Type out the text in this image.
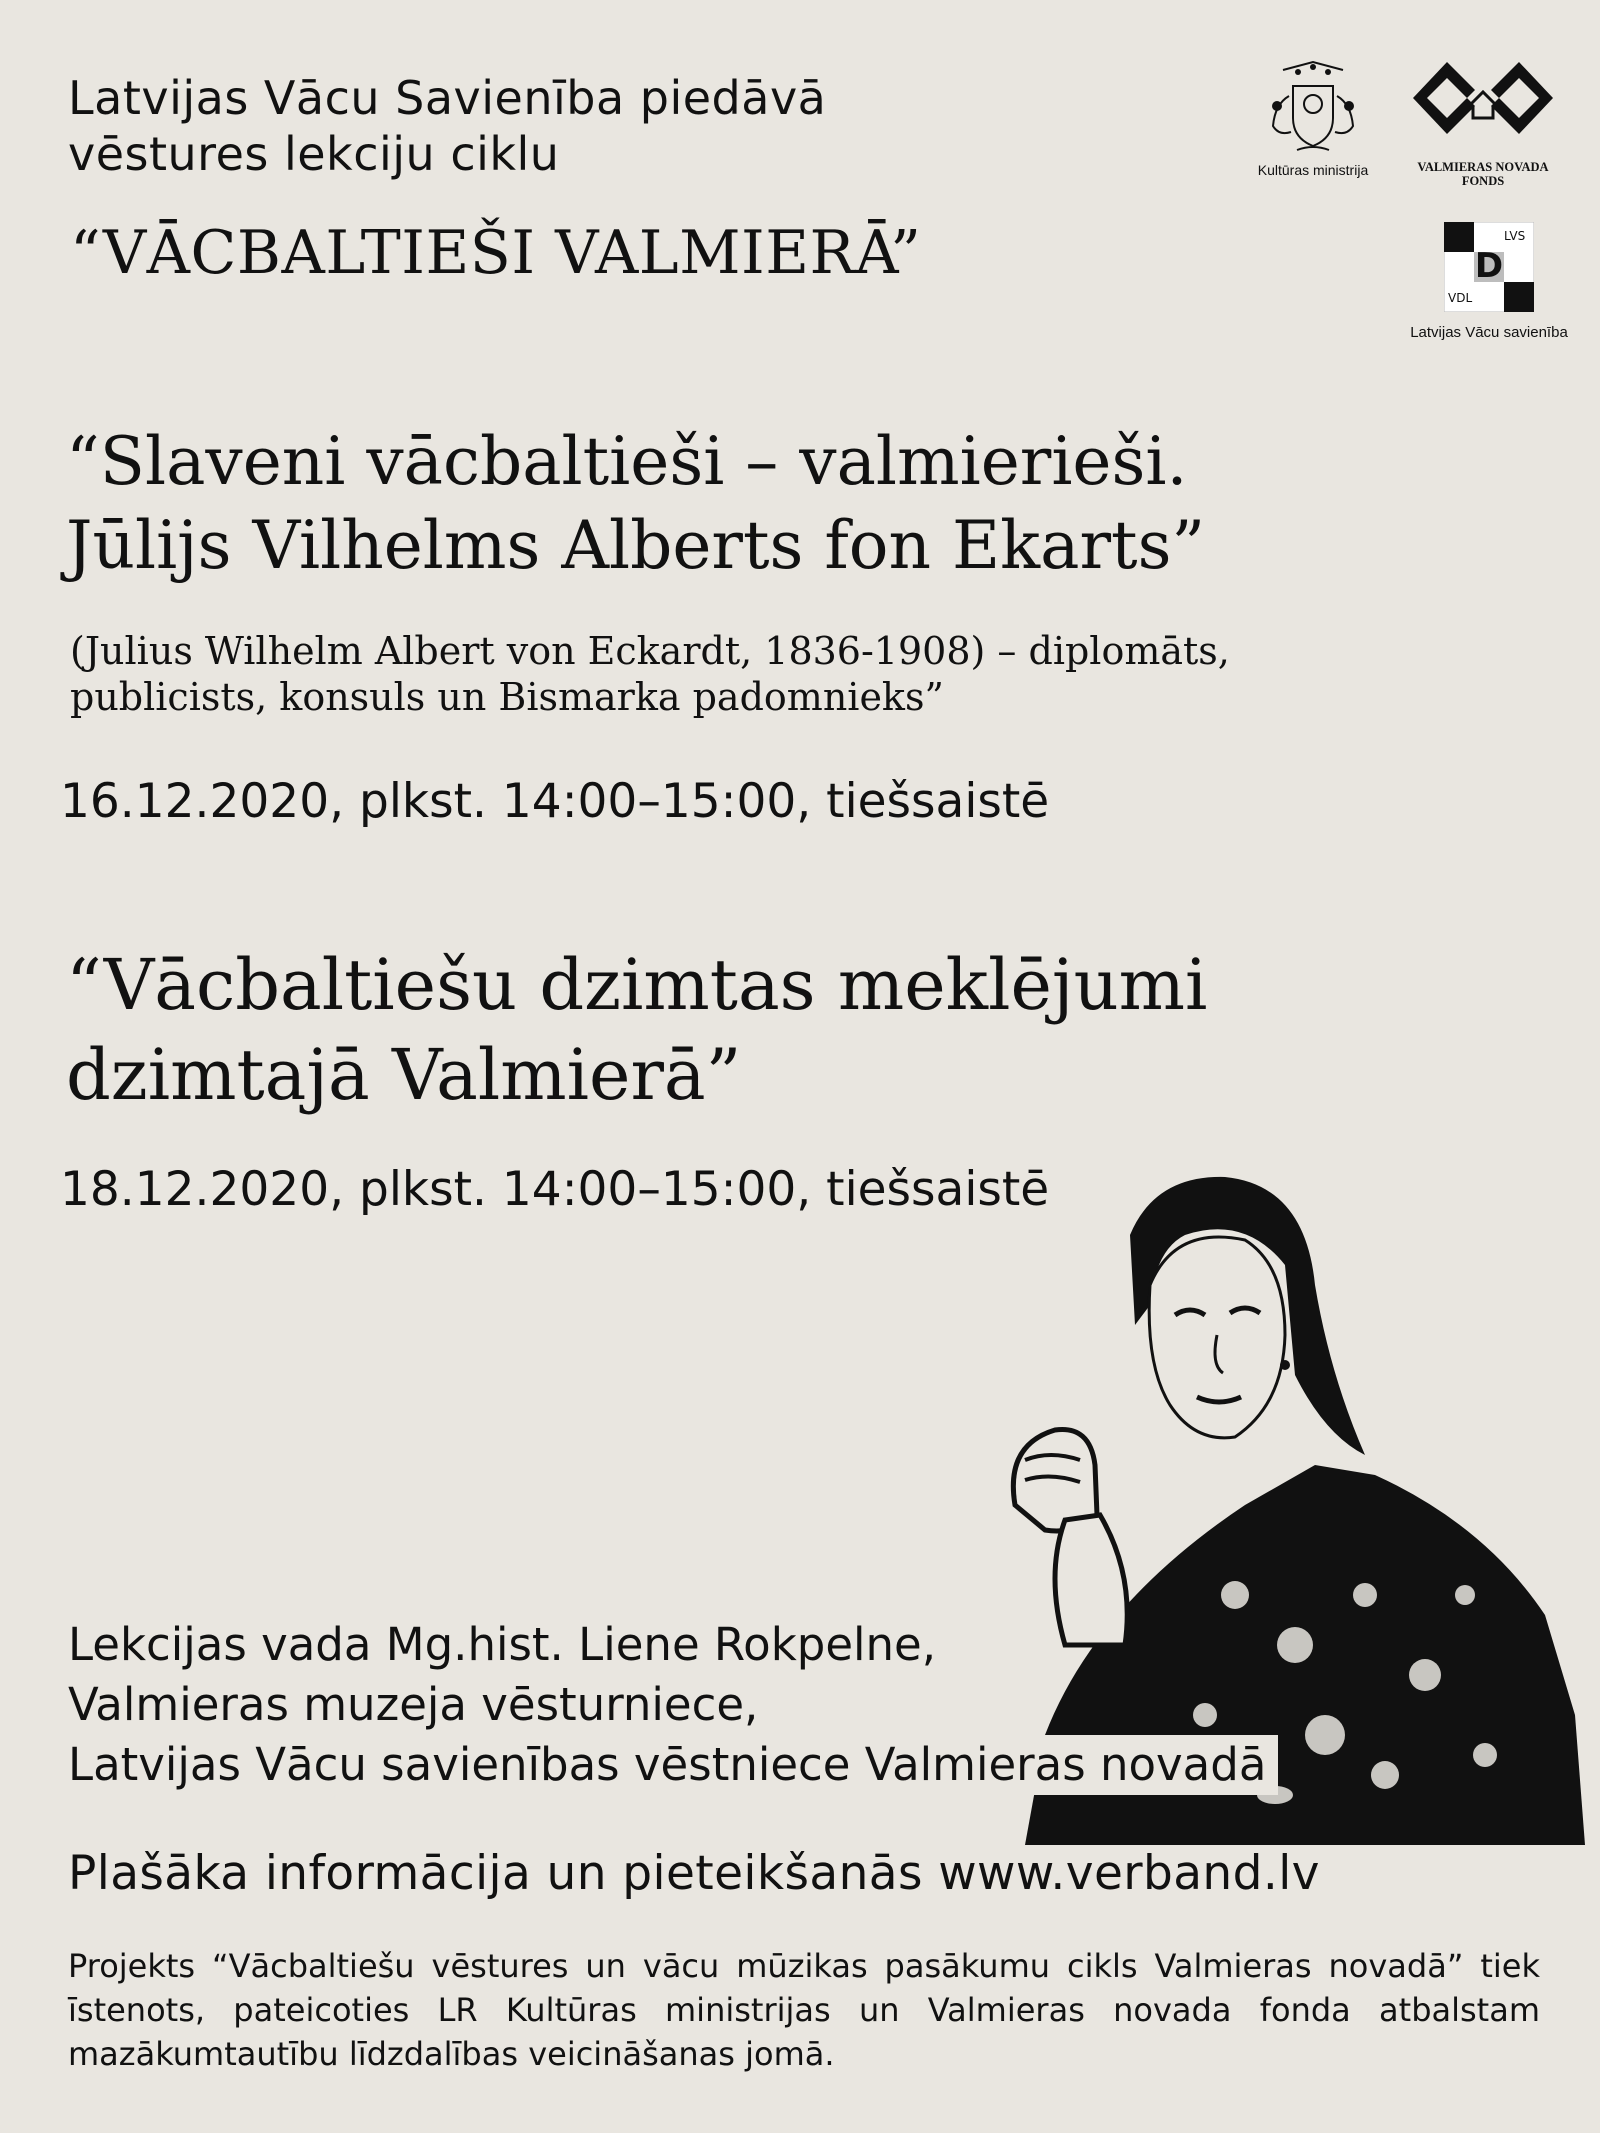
Latvijas Vācu Savienība piedāvā
vēstures lekciju ciklu
“VĀCBALTIEŠI VALMIERĀ”
Kultūras ministrija	VALMIERAS NOVADA
FONDS
D
LVS
VDL
Latvijas Vācu savienība
“Slaveni vācbaltieši – valmierieši.
Jūlijs Vilhelms Alberts fon Ekarts”
(Julius Wilhelm Albert von Eckardt, 1836-1908) – diplomāts,
publicists, konsuls un Bismarka padomnieks”
16.12.2020, plkst. 14:00–15:00, tiešsaistē
“Vācbaltiešu dzimtas meklējumi
dzimtajā Valmierā”
18.12.2020, plkst. 14:00–15:00, tiešsaistē
Lekcijas vada Mg.hist. Liene Rokpelne,
Valmieras muzeja vēsturniece,
Latvijas Vācu savienības vēstniece Valmieras novadā
Plašāka informācija un pieteikšanās www.verband.lv
Projekts “Vācbaltiešu vēstures un vācu mūzikas pasākumu cikls Valmieras novadā” tiek īstenots, pateicoties LR Kultūras ministrijas un Valmieras novada fonda atbalstam mazākumtautību līdzdalības veicināšanas jomā.
